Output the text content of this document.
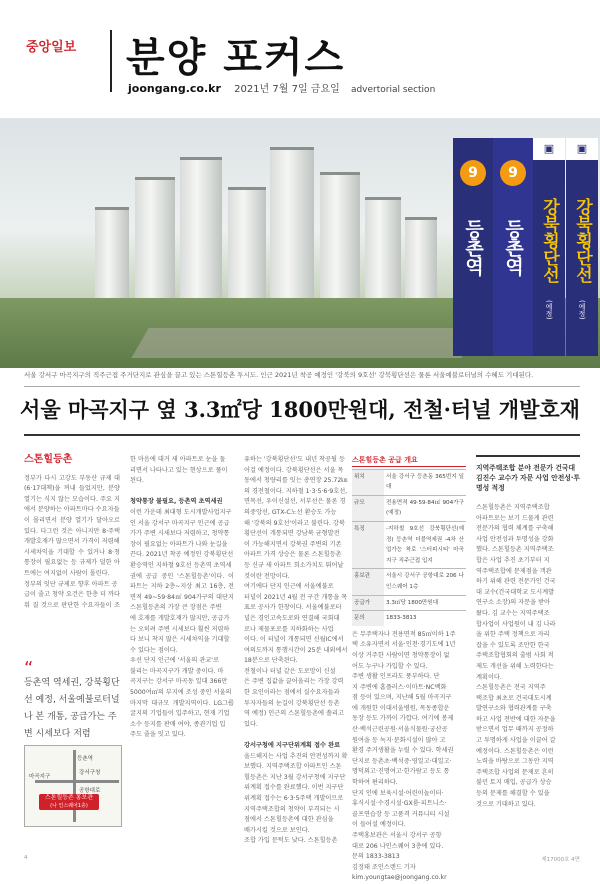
중앙일보 분양 포커스
joongang.co.kr 2021년 7월 7일 금요일 advertorial section
9
등촌역
9
등촌역
▣
강북횡단선
(예정)
▣
강북횡단선
(예정)
서울 강서구 마곡지구의 직주근접 주거단지로 관심을 끌고 있는 스톤힐등촌 투시도. 인근 2021년 착공 예정인 '강북의 9호선' 강북횡단선은 물론 서울예불로터널의 수혜도 기대된다.
서울 마곡지구 옆 3.3㎡당 1800만원대, 전철·터널 개발호재
스톤힐등촌
정부가 다시 고강도 부동산 규제 대
(6·17대책)을 꺼내 들었지만, 분양
열기는 식지 않는 모습이다. 주요 지
에서 분양하는 아파트마다 수요자들
이 몰리면서 분양 열기가 달아오르
있다. 다그런 것은 아니지만 8·주택
개발호재가 많으면서 가격이 저렴해
시세차익을 기대할 수 있거나 8·청
통장이 필요없는 등 규제가 덜한 아
트에는 여지없이 사람이 몰린다.
정부의 잇단 규제로 향후 아파트 공
급이 줄고 청약 요건은 한층 더 까다
워 질 것으로 판단한 수요자들이 조
“
등촌역 역세권, 강북횡단선 예정, 서울예불로터널 나 본 개통, 공급가는 주변 시세보다 저렴
등촌역
강서구청
공항대로
마곡지구
스톤힐등촌 홍보관
(나 인스퀘어1층)
한 마음에 대거 새 아파트로 눈을 돌
리면서 나타나고 있는 현상으로 풀이
된다.
청약통장 불필요, 등촌역 초역세권
이런 가운데 최대형 도시개발사업지구
인 서울 강서구 마곡지구 인근에 공급
가가 주변 시세보다 저렴하고, 청약통
장이 필요없는 아파트가 나와 눈길을
끈다. 2021년 착공 예정인 강북횡단선
환승역인 지하철 9호선 등촌역 초역세
권에 공급 중인 '스톤힐등촌'이다. 이
파트는 지하 2층~지상 최고 16층, 전
면적 49~59·84㎡ 904가구의 대단지
스톤힐등촌의 가장 큰 장점은 주변
에 호재를 개발호재가 많지만, 공급가
는 오히려 주변 시세보다 훨씬 저렴하
다 보니 착지 많은 시세차익을 기대할
수 있다는 점이다.
우선 단지 인근에 '서울의 관교'로
불리는 마곡지구가 개발 중이다. 마
곡지구는 강서구 마곡동 일대 366만
5000여㎡의 부지에 조성 중인 서울의
마지막 대규모 개발지역이다. LG그룹
굴지의 기업들이 입주하고, 현재 기업
소수 등지를 판매 여야, 종관기업 입
주도 줄을 잇고 있다.
유하는 '강북횡단선'도 내년 착공될 등
어걸 예정이다. 강북횡단선은 서울 목
동에서 청량리를 잇는 총연장 25.72㎞
의 경전철이다. 지하철 1·3·5·6·9호선,
면목선, 우이신설선, 서부선은 물론 경
의중앙선, GTX-C노선 환승도 가능
해 '강북의 9호선'이라고 불린다. 강북
횡단선이 개통되면 강남북 균형발전
이 가능해지면서 강북권 주변의 기존
아파트 가격 상승은 물론 스톤힐등촌
등 신규 새 아파트 희소가치도 뛰어날
것이란 전망이다.
여기에다 단지 인근에 서울예불로
터널이 2021년 4월 전 구간 개통을 목
표로 공사가 한창이다. 서울예불로터
널은 경인고속도로와 연결해 국회대
로나 제물포로를 지하화하는 사업
이다. 이 터널이 개통되면 신월IC에서
여의도까지 통행시간이 25분 내외에서
18분으로 단축된다.
전철이나 터널 같은 도로망이 신설
은 주변 집값을 끌어올리는 가장 강력
한 요인이라는 점에서 실수요자들과
투자자들의 눈길이 강북횡단선 등촌
역 예정) 인근의 스톤힐등촌에 쏠리고
있다.
강서구청에 지구단위계획 접수 완료
올드해지는 사업 추진의 안전성까지 확
보했다. 지역주택조합 아파트인 스톤
힐등촌은 지난 3월 강서구청에 지구단
위계획 접수를 완료했다. 이번 지구단
위계획 접수는 6·3·5주택 개발이므로
지역주택조합의 청약이 부격되는 시
점에서 스톤힐등촌에 대한 관심을
배가시킬 것으로 보인다.
조합 가입 문턱도 낮다. 스톤힐등촌
스톤힐등촌 공급 개요
위치	서울 강서구 등촌동 365번지 일대
규모	전용면적 49·59·84㎡ 904가구(예정)
특징	-지하철 9호선 강북횡단선(예정) 등촌역 더블역세권 -4차 산업가능 착로 '스터피시티' 마곡지구 직주근접 입지
홍보관	서울시 강서구 공항대로 206 나인스퀘어 1층
공급가	3.3㎡당 1800만원대
문의	1833-3813
은 무주택자나 전용면적 85㎡이하 1주
택 소유자면서 서울·인천·경기도에 1년
이상 거주한 사람이면 청약통장이 없
어도 누구나 가입할 수 있다.
주변 생활 인프라도 풍부하다. 단
지 주변에 홈플러스·이마트·NC백화
점 등이 있으며, 지난해 5월 마곡지구
에 개원한 이대서울병원, 목동종합운
동장 등도 가까이 가깝다. 여기에 봉제
산·백석근린공원·서울식물원·궁산공
원여을 등 녹지·문화시설이 많아 고
환경 주거생활을 누릴 수 있다. 학세권
단지로 등촌초·백석중·영일고·대일고·
명덕외고·진명여고·한가람고 등도 통
학하여 편리하다.
단지 인에 보육시설·어린이놀이터·
휴식시설·수경시설·GX룸·피트니스·
골프연습장 등 고품격 커뮤니티 시설
이 들어설 예정이다.
주택홍보관은 서울시 강서구 공항
대로 206 나인스퀘어 3층에 있다.
문의 1833-3813
김정태 조인스랜드 기자
kim.youngtae@joongang.co.kr
지역주택조합 분야 전문가 건국대 김진수 교수가 자문 사업 안전성·투명성 적정
스톤힐등촌은 지역주택조합
아파트로는 보기 드물게 관련
전문가의 협력 체계를 구축해
사업 안전성과 투명성을 강화
했다. 스톤힐등촌 지역주택조
합은 사업 추진 초기부터 지
역주택조합에 문제점을 객관
하기 위해 관련 전문가인 건국
대 교수(건국대학교 도시계발
연구소 소장)의 자문을 받아
왔다. 김 교수는 지역주택조
합사업이 사업원이 내 김 나라
을 위한 주택 정책으로 자리
잡을 수 있도록 조만한 한국
주택조합협회의 출범 사회 적
제도 개선을 위해 노력한다는
계획이다.
스톤힐등촌은 전국 지역주
택조합 최초로 건국대도시계
발연구소와 협력관계를 구축
하고 사업 전반에 대한 자문을
받으면서 업무 때까지 공정하
고 투명하게 사업을 이끌어 갈
예정이다. 스톤힐등촌은 이런
노력을 바탕으로 그동안 지역
주택조합 사업의 문제로 흔히
불던 토지 매입, 공급가 상승
등의 문제를 해결할 수 있을
것으로 기대하고 있다.
4	제17000호 4면
